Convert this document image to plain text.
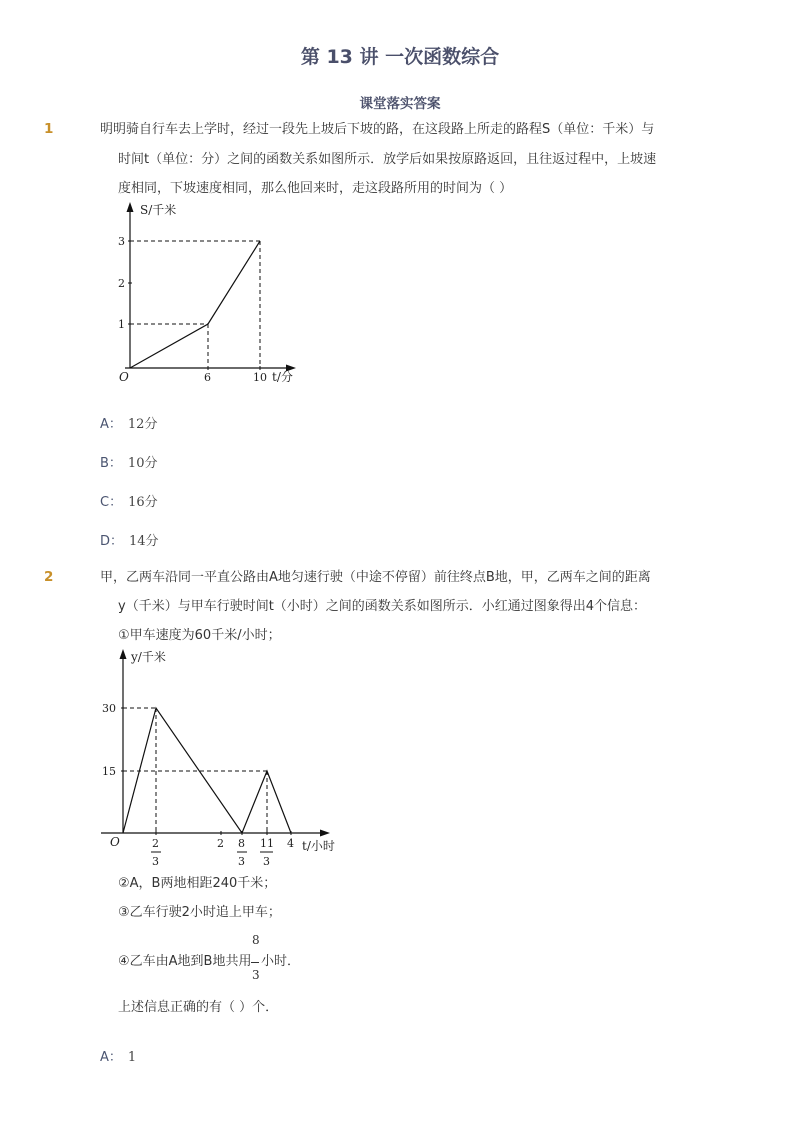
第 13 讲 一次函数综合
课堂落实答案
1	明明骑自行车去上学时，经过一段先上坡后下坡的路，在这段路上所走的路程S（单位：千米）与
时间t（单位：分）之间的函数关系如图所示．放学后如果按原路返回，且往返过程中，上坡速
度相同，下坡速度相同，那么他回来时，走这段路所用的时间为（ ）
S/千米
3
2
1
O	6	10 t/分
A： 12分
B： 10分
C： 16分
D： 14分
2	甲，乙两车沿同一平直公路由A地匀速行驶（中途不停留）前往终点B地，甲，乙两车之间的距离
y（千米）与甲车行驶时间t（小时）之间的函数关系如图所示．小红通过图象得出4个信息：
①甲车速度为60千米/小时；
y/千米
30
15
O	2
3
2 8
3
11
3
4 t/小时
②A，B两地相距240千米；
③乙车行驶2小时追上甲车；
④乙车由A地到B地共用
8
3
小时．
上述信息正确的有（ ）个．
A： 1
